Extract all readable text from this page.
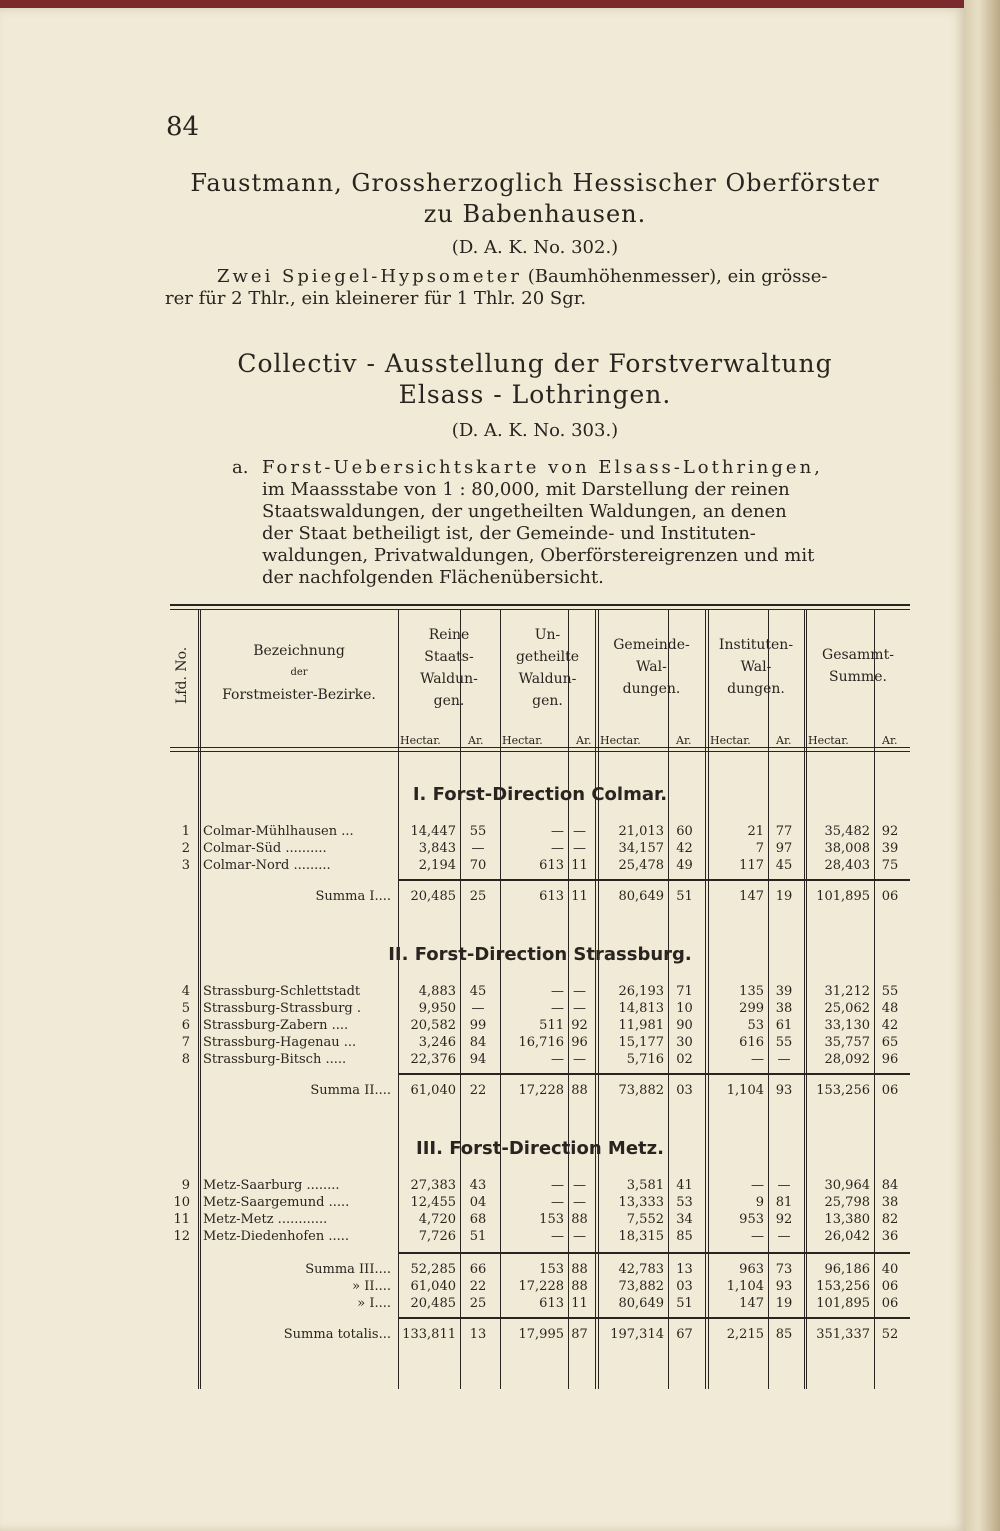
84
Faustmann, Grossherzoglich Hessischer Oberförster
zu Babenhausen.
(D. A. K. No. 302.)
Zwei Spiegel-Hypsometer (Baumhöhenmesser), ein grösse-
rer für 2 Thlr., ein kleinerer für 1 Thlr. 20 Sgr.
Collectiv - Ausstellung der Forstverwaltung
Elsass - Lothringen.
(D. A. K. No. 303.)
a. Forst-Uebersichtskarte von Elsass-Lothringen,
im Maassstabe von 1 : 80,000, mit Darstellung der reinen
Staatswaldungen, der ungetheilten Waldungen, an denen
der Staat betheiligt ist, der Gemeinde- und Instituten-
waldungen, Privatwaldungen, Oberförstereigrenzen und mit
der nachfolgenden Flächenübersicht.
Lfd. No.	Bezeichnung
der
Forstmeister-Bezirke.
Reine
Staats-
Waldun-
gen.
Un-
getheilte
Waldun-
gen.
Gemeinde-
Wal-
dungen.
Instituten-
Wal-
dungen.
Gesammt-
Summe.
Hectar.	Hectar.	Hectar.	Hectar.	Hectar.
Ar.	Ar.	Ar.	Ar.	Ar.
I. Forst-Direction Colmar.
1 Colmar-Mühlhausen ...	14,447	55	— —	21,013 60	21 77	35,482 92
2 Colmar-Süd ..........	3,843	—	— —	34,157 42	7 97	38,008 39
3 Colmar-Nord .........	2,194	70	613 11	25,478 49	117 45	28,403 75
Summa I....	20,485	25	613 11	80,649 51	147 19	101,895 06
II. Forst-Direction Strassburg.
4 Strassburg-Schlettstadt	4,883	45	— —	26,193 71	135 39	31,212 55
5 Strassburg-Strassburg .	9,950	—	— —	14,813 10	299 38	25,062 48
6 Strassburg-Zabern ....	20,582	99	511 92	11,981 90	53 61	33,130 42
7 Strassburg-Hagenau ...	3,246	84	16,716 96	15,177 30	616 55	35,757 65
8 Strassburg-Bitsch .....	22,376	94	— —	5,716 02	—	—	28,092 96
Summa II....	61,040	22	17,228 88	73,882 03	1,104 93	153,256 06
III. Forst-Direction Metz.
9 Metz-Saarburg ........	27,383	43	— —	3,581 41	—	—	30,964 84
10 Metz-Saargemund .....	12,455	04	— —	13,333 53	9 81	25,798 38
11 Metz-Metz ............	4,720	68	153 88	7,552 34	953 92	13,380 82
12 Metz-Diedenhofen .....	7,726	51	— —	18,315 85	—	—	26,042 36
Summa III....	52,285	66	153 88	42,783 13	963 73	96,186 40
» II....	61,040	22	17,228 88	73,882 03	1,104 93	153,256 06
» I....	20,485	25	613 11	80,649 51	147 19	101,895 06
Summa totalis... 133,811	13	17,995 87	197,314 67	2,215 85	351,337 52
